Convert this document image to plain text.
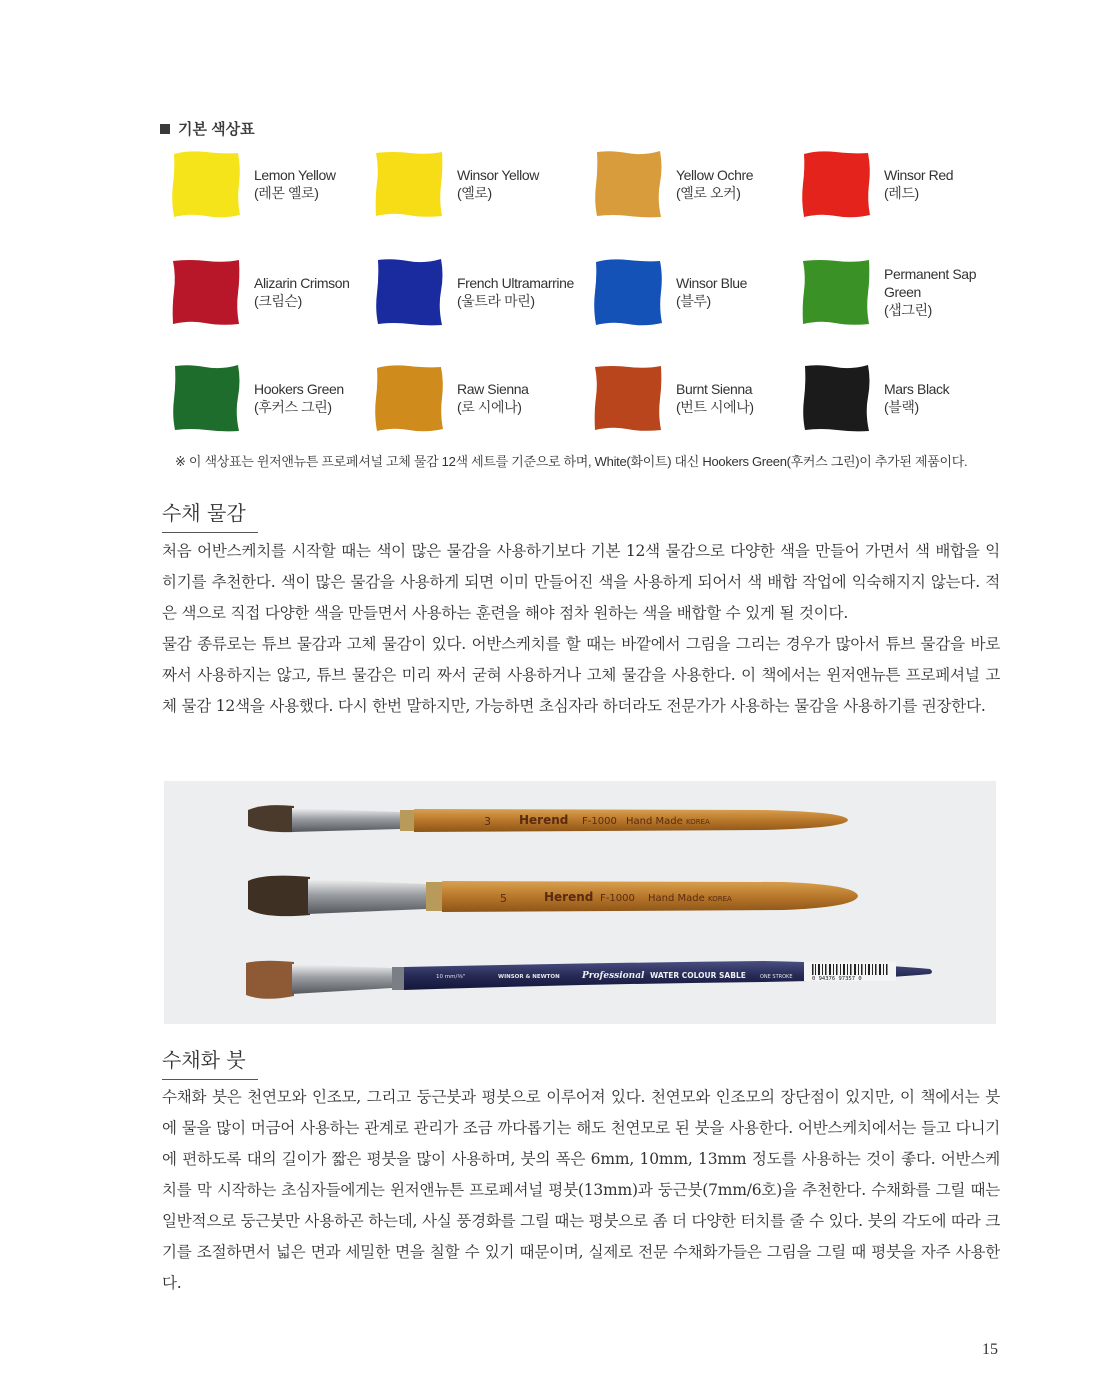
기본 색상표
Lemon Yellow
(레몬 옐로)
Winsor Yellow
(옐로)
Yellow Ochre
(옐로 오커)
Winsor Red
(레드)
Alizarin Crimson
(크림슨)
French Ultramarrine
(울트라 마린)
Winsor Blue
(블루)
Permanent Sap Green
(샙그린)
Hookers Green
(후커스 그린)
Raw Sienna
(로 시에나)
Burnt Sienna
(번트 시에나)
Mars Black
(블랙)
※ 이 색상표는 윈저앤뉴튼 프로페셔널 고체 물감 12색 세트를 기준으로 하며, White(화이트) 대신 Hookers Green(후커스 그린)이 추가된 제품이다.
수채 물감

처음 어반스케치를 시작할 때는 색이 많은 물감을 사용하기보다 기본 12색 물감으로 다양한 색을 만들어 가면서 색 배합을 익히기를 추천한다. 색이 많은 물감을 사용하게 되면 이미 만들어진 색을 사용하게 되어서 색 배합 작업에 익숙해지지 않는다. 적은 색으로 직접 다양한 색을 만들면서 사용하는 훈련을 해야 점차 원하는 색을 배합할 수 있게 될 것이다.

물감 종류로는 튜브 물감과 고체 물감이 있다. 어반스케치를 할 때는 바깥에서 그림을 그리는 경우가 많아서 튜브 물감을 바로 짜서 사용하지는 않고, 튜브 물감은 미리 짜서 굳혀 사용하거나 고체 물감을 사용한다. 이 책에서는 윈저앤뉴튼 프로페셔널 고체 물감 12색을 사용했다. 다시 한번 말하지만, 가능하면 초심자라 하더라도 전문가가 사용하는 물감을 사용하기를 권장한다.

3 Herend F-1000 Hand Made KOREA
5	Herend F-1000 Hand Made KOREA
0 94376 97357 0
10 mm/⅜"	WINSOR & NEWTON Professional WATER COLOUR SABLE	ONE STROKE
수채화 붓

수채화 붓은 천연모와 인조모, 그리고 둥근붓과 평붓으로 이루어져 있다. 천연모와 인조모의 장단점이 있지만, 이 책에서는 붓에 물을 많이 머금어 사용하는 관계로 관리가 조금 까다롭기는 해도 천연모로 된 붓을 사용한다. 어반스케치에서는 들고 다니기에 편하도록 대의 길이가 짧은 평붓을 많이 사용하며, 붓의 폭은 6mm, 10mm, 13mm 정도를 사용하는 것이 좋다. 어반스케치를 막 시작하는 초심자들에게는 윈저앤뉴튼 프로페셔널 평붓(13mm)과 둥근붓(7mm/6호)을 추천한다. 수채화를 그릴 때는 일반적으로 둥근붓만 사용하곤 하는데, 사실 풍경화를 그릴 때는 평붓으로 좀 더 다양한 터치를 줄 수 있다. 붓의 각도에 따라 크기를 조절하면서 넓은 면과 세밀한 면을 칠할 수 있기 때문이며, 실제로 전문 수채화가들은 그림을 그릴 때 평붓을 자주 사용한다.

15
